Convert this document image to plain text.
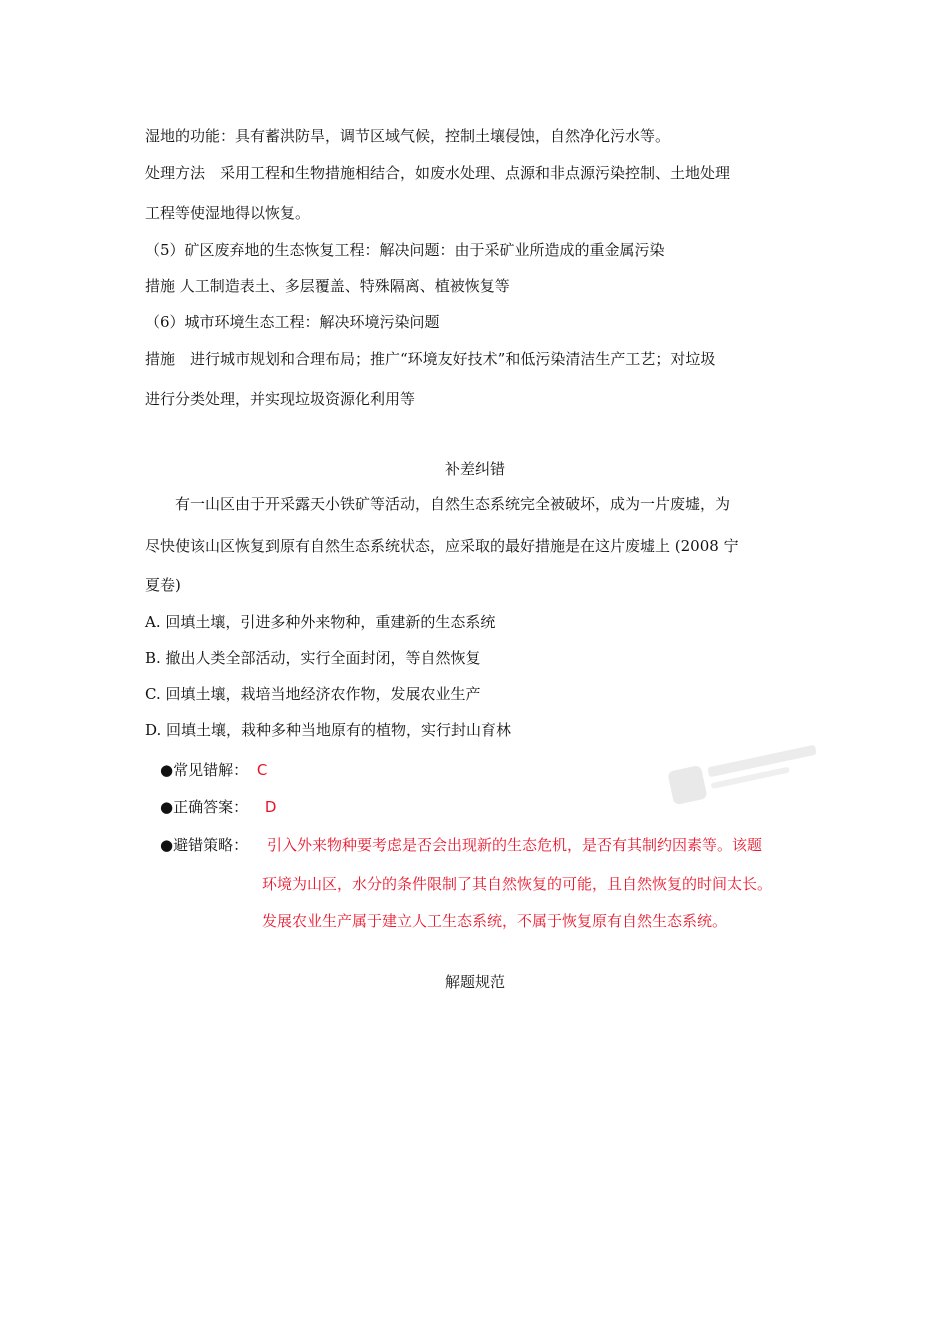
湿地的功能：具有蓄洪防旱，调节区域气候，控制土壤侵蚀，自然净化污水等。
处理方法　采用工程和生物措施相结合，如废水处理、点源和非点源污染控制、土地处理
工程等使湿地得以恢复。
（5）矿区废弃地的生态恢复工程：解决问题：由于采矿业所造成的重金属污染
措施 人工制造表土、多层覆盖、特殊隔离、植被恢复等
（6）城市环境生态工程：解决环境污染问题
措施　进行城市规划和合理布局；推广“环境友好技术”和低污染清洁生产工艺；对垃圾
进行分类处理，并实现垃圾资源化利用等
补差纠错
有一山区由于开采露天小铁矿等活动，自然生态系统完全被破坏，成为一片废墟，为
尽快使该山区恢复到原有自然生态系统状态，应采取的最好措施是在这片废墟上 (2008 宁
夏卷)
A. 回填土壤，引进多种外来物种，重建新的生态系统
B. 撤出人类全部活动，实行全面封闭，等自然恢复
C. 回填土壤，栽培当地经济农作物，发展农业生产
D. 回填土壤，栽种多种当地原有的植物，实行封山育林
●常见错解： C
●正确答案： D
●避错策略： 引入外来物种要考虑是否会出现新的生态危机，是否有其制约因素等。该题
环境为山区，水分的条件限制了其自然恢复的可能，且自然恢复的时间太长。
发展农业生产属于建立人工生态系统，不属于恢复原有自然生态系统。
解题规范
